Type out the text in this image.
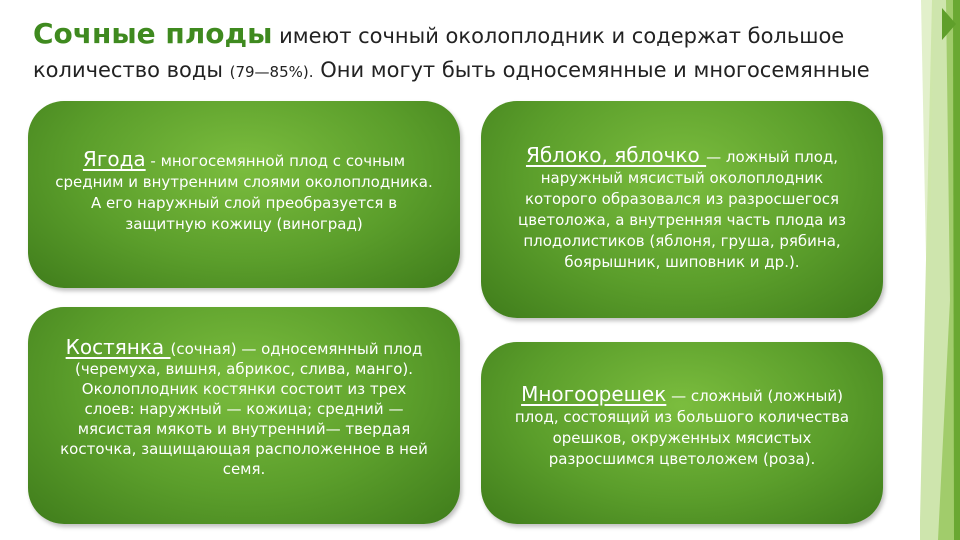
Сочные плоды имеют сочный околоплодник и содержат большое
количество воды (79—85%). Они могут быть односемянные и многосемянные
Ягода - многосемянной плод с сочным
средним и внутренним слоями околоплодника.
А его наружный слой преобразуется в
защитную кожицу (виноград)
Яблоко, яблочко — ложный плод,
наружный мясистый околоплодник
которого образовался из разросшегося
цветоложа, а внутренняя часть плода из
плодолистиков (яблоня, груша, рябина,
боярышник, шиповник и др.).
Костянка (сочная) — односемянный плод
(черемуха, вишня, абрикос, слива, манго).
Околоплодник костянки состоит из трех
слоев: наружный — кожица; средний —
мясистая мякоть и внутренний— твердая
косточка, защищающая расположенное в ней
семя.
Многоорешек — сложный (ложный)
плод, состоящий из большого количества
орешков, окруженных мясистых
разросшимся цветоложем (роза).
